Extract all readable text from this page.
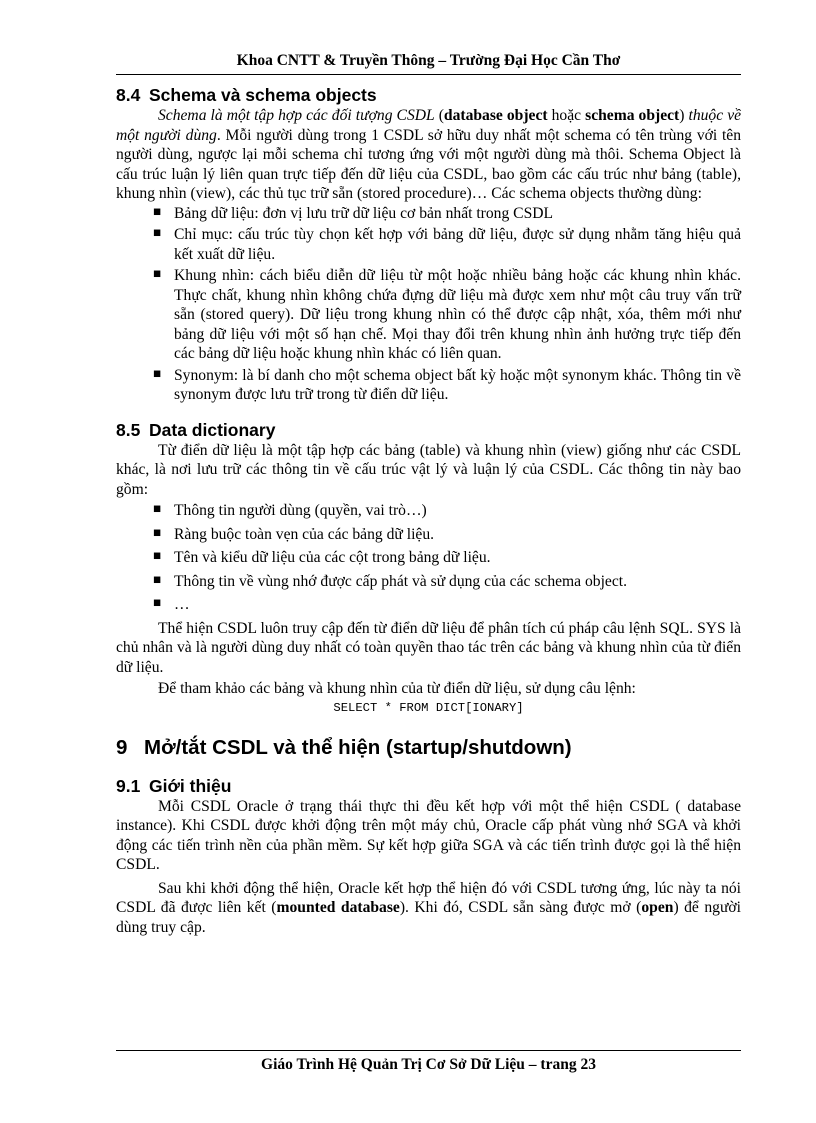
Khoa CNTT & Truyền Thông – Trường Đại Học Cần Thơ
8.4 Schema và schema objects

Schema là một tập hợp các đối tượng CSDL (database object hoặc schema object) thuộc về một người dùng. Mỗi người dùng trong 1 CSDL sở hữu duy nhất một schema có tên trùng với tên người dùng, ngược lại mỗi schema chỉ tương ứng với một người dùng mà thôi. Schema Object là cấu trúc luận lý liên quan trực tiếp đến dữ liệu của CSDL, bao gồm các cấu trúc như bảng (table), khung nhìn (view), các thủ tục trữ sẵn (stored procedure)… Các schema objects thường dùng:

■ Bảng dữ liệu: đơn vị lưu trữ dữ liệu cơ bản nhất trong CSDL
■ Chỉ mục: cấu trúc tùy chọn kết hợp với bảng dữ liệu, được sử dụng nhằm tăng hiệu quả kết xuất dữ liệu.
■ Khung nhìn: cách biểu diễn dữ liệu từ một hoặc nhiều bảng hoặc các khung nhìn khác. Thực chất, khung nhìn không chứa đựng dữ liệu mà được xem như một câu truy vấn trữ sẵn (stored query). Dữ liệu trong khung nhìn có thể được cập nhật, xóa, thêm mới như bảng dữ liệu với một số hạn chế. Mọi thay đổi trên khung nhìn ảnh hưởng trực tiếp đến các bảng dữ liệu hoặc khung nhìn khác có liên quan.
■ Synonym: là bí danh cho một schema object bất kỳ hoặc một synonym khác. Thông tin về synonym được lưu trữ trong từ điển dữ liệu.
8.5 Data dictionary

Từ điển dữ liệu là một tập hợp các bảng (table) và khung nhìn (view) giống như các CSDL khác, là nơi lưu trữ các thông tin về cấu trúc vật lý và luận lý của CSDL. Các thông tin này bao gồm:

■ Thông tin người dùng (quyền, vai trò…)
■ Ràng buộc toàn vẹn của các bảng dữ liệu.
■ Tên và kiểu dữ liệu của các cột trong bảng dữ liệu.
■ Thông tin về vùng nhớ được cấp phát và sử dụng của các schema object.
■ …

Thể hiện CSDL luôn truy cập đến từ điển dữ liệu để phân tích cú pháp câu lệnh SQL. SYS là chủ nhân và là người dùng duy nhất có toàn quyền thao tác trên các bảng và khung nhìn của từ điển dữ liệu.

Để tham khảo các bảng và khung nhìn của từ điển dữ liệu, sử dụng câu lệnh:

SELECT * FROM DICT[IONARY]
9 Mở/tắt CSDL và thể hiện (startup/shutdown)
9.1 Giới thiệu

Mỗi CSDL Oracle ở trạng thái thực thi đều kết hợp với một thể hiện CSDL ( database instance). Khi CSDL được khởi động trên một máy chủ, Oracle cấp phát vùng nhớ SGA và khởi động các tiến trình nền của phần mềm. Sự kết hợp giữa SGA và các tiến trình được gọi là thể hiện CSDL.

Sau khi khởi động thể hiện, Oracle kết hợp thể hiện đó với CSDL tương ứng, lúc này ta nói CSDL đã được liên kết (mounted database). Khi đó, CSDL sẵn sàng được mở (open) để người dùng truy cập.

Giáo Trình Hệ Quản Trị Cơ Sở Dữ Liệu – trang 23
